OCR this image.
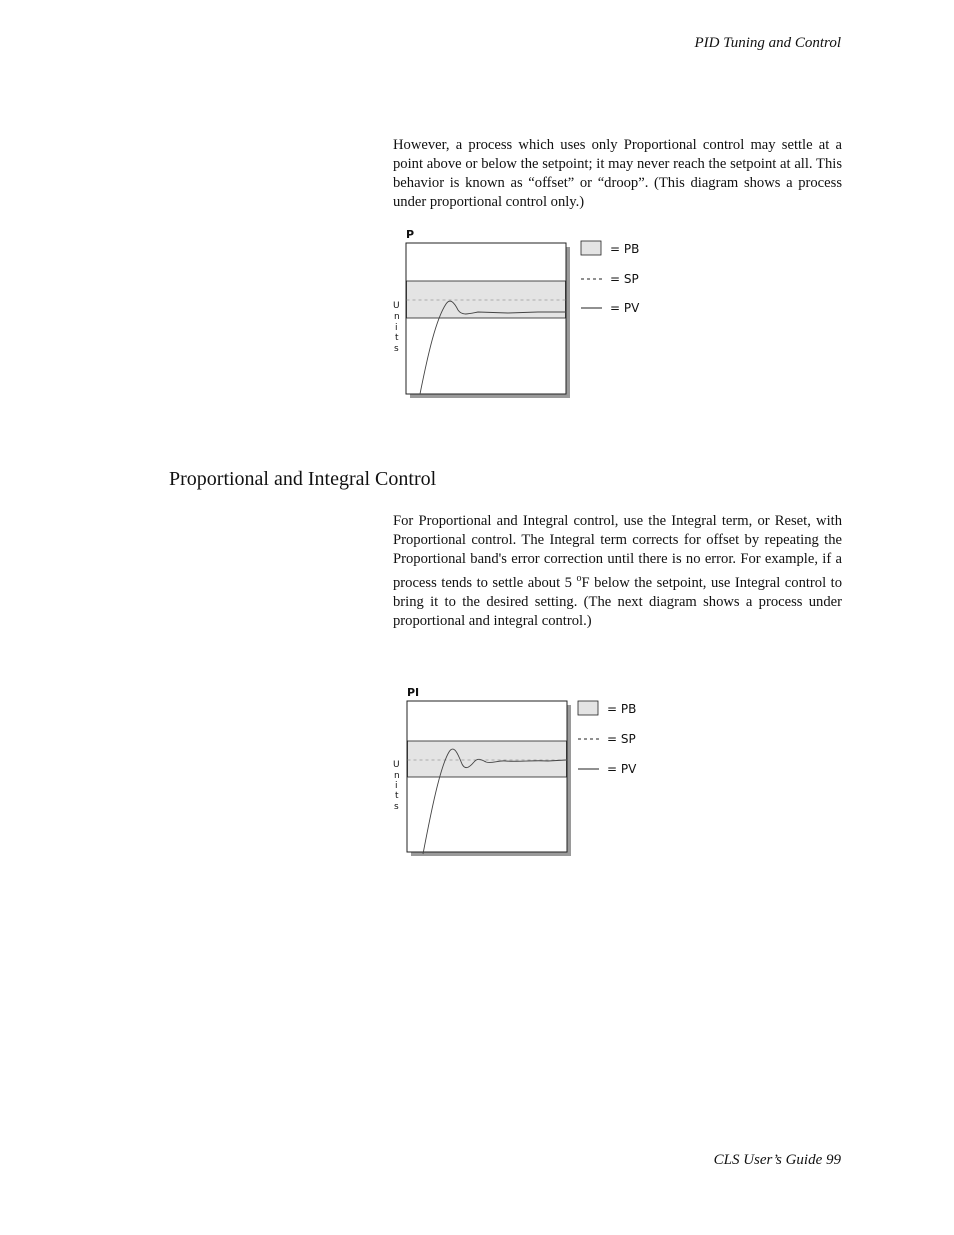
PID Tuning and Control

However, a process which uses only Proportional control may settle at a point above or below the setpoint; it may never reach the setpoint at all. This behavior is known as “offset” or “droop”. (This diagram shows a process under proportional control only.)

P
U
n
i
t
s
= PB
= SP
= PV
Proportional and Integral Control

For Proportional and Integral control, use the Integral term, or Reset, with Proportional control. The Integral term corrects for offset by repeating the Proportional band's error correction until there is no error. For example, if a process tends to settle about 5 $^o$F below the setpoint, use Integral control to bring it to the desired setting. (The next diagram shows a process under proportional and integral control.)

PI
U
n
i
t
s
= PB
= SP
= PV
CLS User’s Guide 99
